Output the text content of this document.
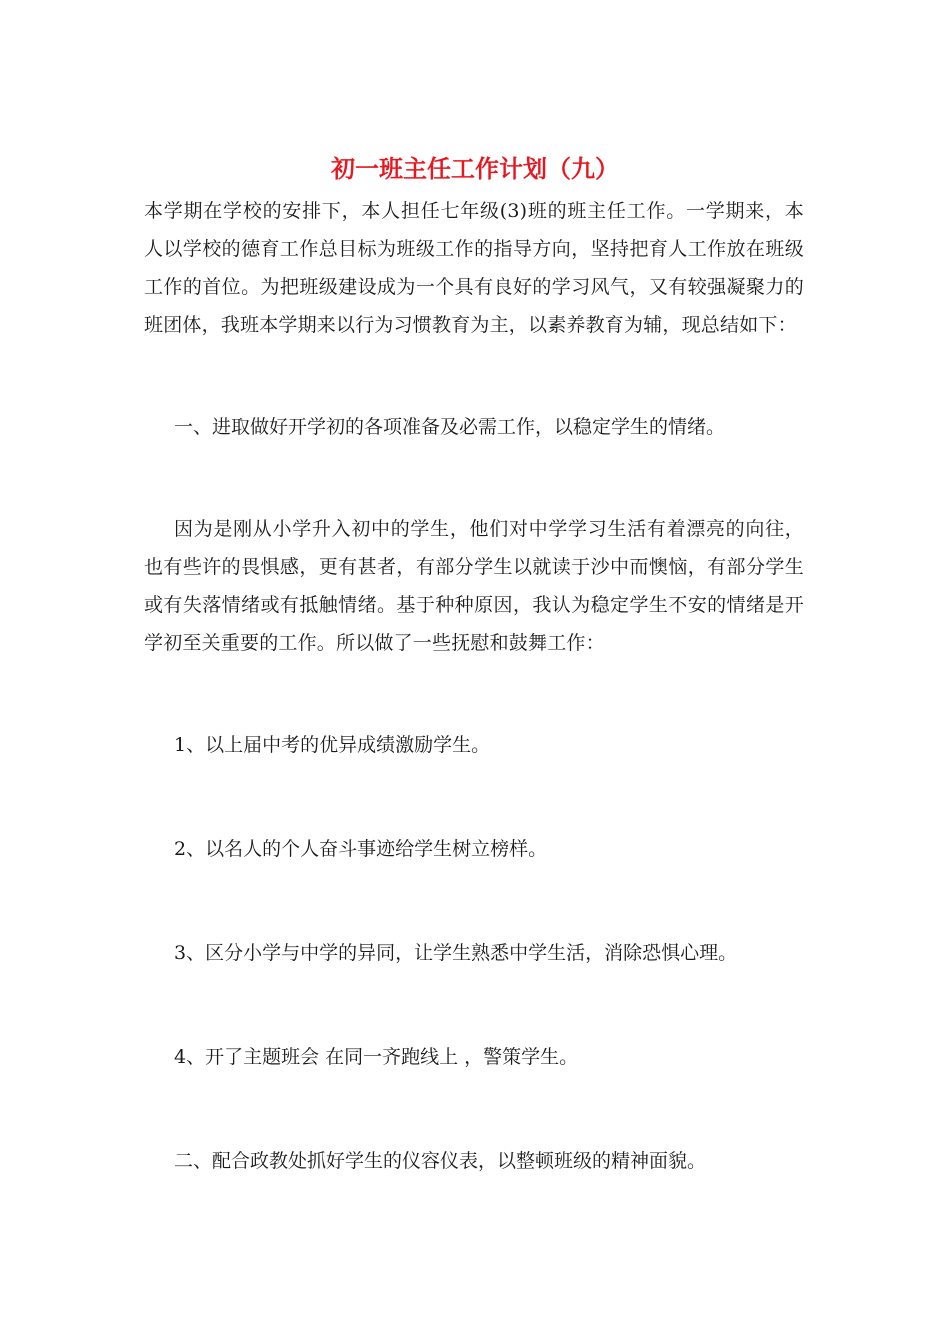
初一班主任工作计划（九）

本学期在学校的安排下，本人担任七年级(3)班的班主任工作。一学期来，本人以学校的德育工作总目标为班级工作的指导方向，坚持把育人工作放在班级工作的首位。为把班级建设成为一个具有良好的学习风气，又有较强凝聚力的班团体，我班本学期来以行为习惯教育为主，以素养教育为辅，现总结如下：

一、进取做好开学初的各项准备及必需工作，以稳定学生的情绪。

因为是刚从小学升入初中的学生，他们对中学学习生活有着漂亮的向往，也有些许的畏惧感，更有甚者，有部分学生以就读于沙中而懊恼，有部分学生或有失落情绪或有抵触情绪。基于种种原因，我认为稳定学生不安的情绪是开学初至关重要的工作。所以做了一些抚慰和鼓舞工作：

1、以上届中考的优异成绩激励学生。

2、以名人的个人奋斗事迹给学生树立榜样。

3、区分小学与中学的异同，让学生熟悉中学生活，消除恐惧心理。

4、开了主题班会 在同一齐跑线上 ，警策学生。

二、配合政教处抓好学生的仪容仪表，以整顿班级的精神面貌。
